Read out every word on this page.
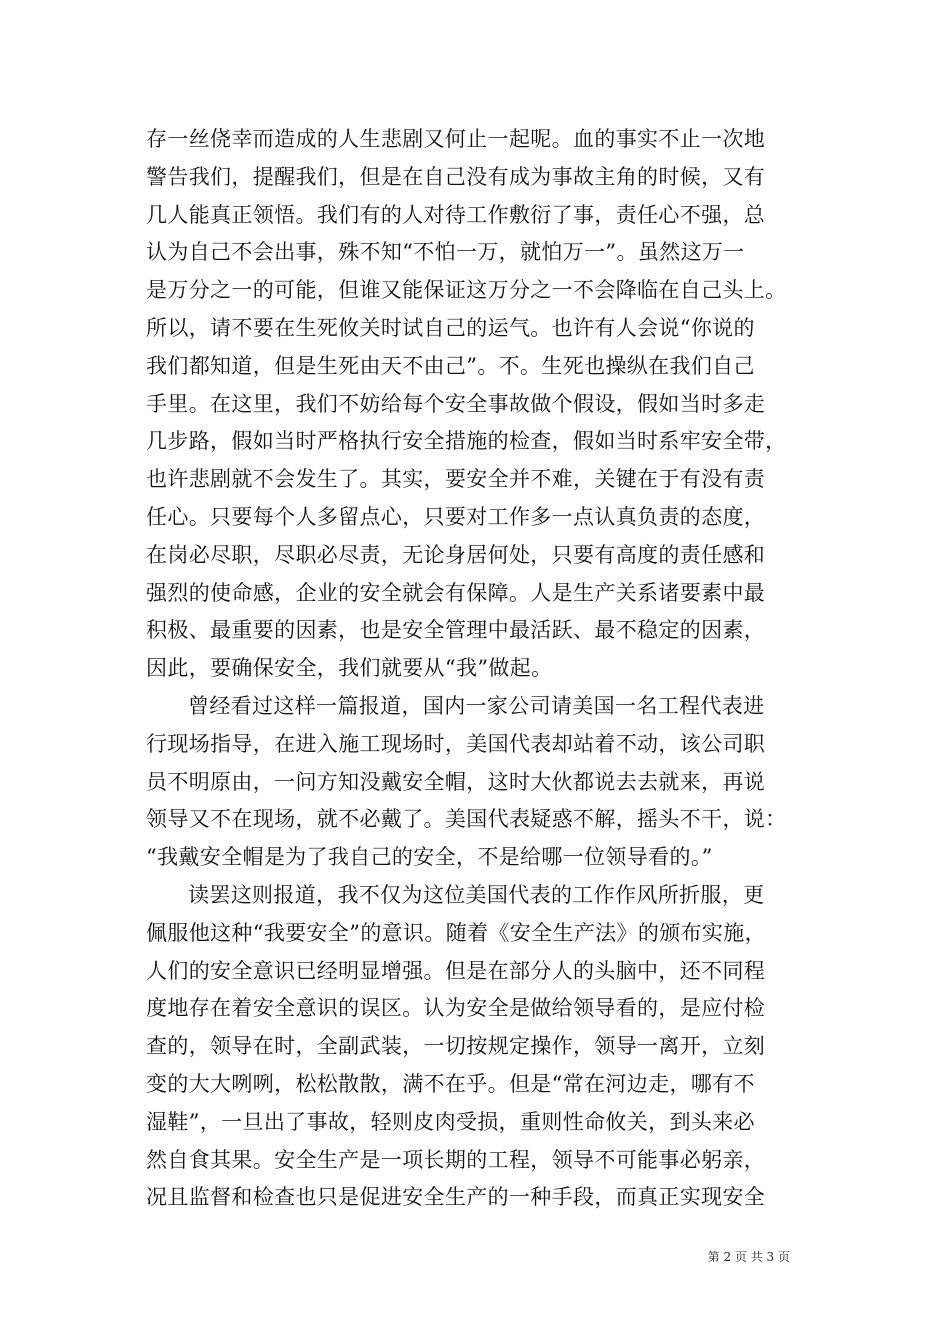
存一丝侥幸而造成的人生悲剧又何止一起呢。血的事实不止一次地
警告我们，提醒我们，但是在自己没有成为事故主角的时候，又有
几人能真正领悟。我们有的人对待工作敷衍了事，责任心不强，总
认为自己不会出事，殊不知“不怕一万，就怕万一”。虽然这万一
是万分之一的可能，但谁又能保证这万分之一不会降临在自己头上。
所以，请不要在生死攸关时试自己的运气。也许有人会说“你说的
我们都知道，但是生死由天不由己”。不。生死也操纵在我们自己
手里。在这里，我们不妨给每个安全事故做个假设，假如当时多走
几步路，假如当时严格执行安全措施的检查，假如当时系牢安全带，
也许悲剧就不会发生了。其实，要安全并不难，关键在于有没有责
任心。只要每个人多留点心，只要对工作多一点认真负责的态度，
在岗必尽职，尽职必尽责，无论身居何处，只要有高度的责任感和
强烈的使命感，企业的安全就会有保障。人是生产关系诸要素中最
积极、最重要的因素，也是安全管理中最活跃、最不稳定的因素，
因此，要确保安全，我们就要从“我”做起。
曾经看过这样一篇报道，国内一家公司请美国一名工程代表进
行现场指导，在进入施工现场时，美国代表却站着不动，该公司职
员不明原由，一问方知没戴安全帽，这时大伙都说去去就来，再说
领导又不在现场，就不必戴了。美国代表疑惑不解，摇头不干，说：
“我戴安全帽是为了我自己的安全，不是给哪一位领导看的。”
读罢这则报道，我不仅为这位美国代表的工作作风所折服，更
佩服他这种“我要安全”的意识。随着《安全生产法》的颁布实施，
人们的安全意识已经明显增强。但是在部分人的头脑中，还不同程
度地存在着安全意识的误区。认为安全是做给领导看的，是应付检
查的，领导在时，全副武装，一切按规定操作，领导一离开，立刻
变的大大咧咧，松松散散，满不在乎。但是“常在河边走，哪有不
湿鞋”，一旦出了事故，轻则皮肉受损，重则性命攸关，到头来必
然自食其果。安全生产是一项长期的工程，领导不可能事必躬亲，
况且监督和检查也只是促进安全生产的一种手段，而真正实现安全
第 2 页 共 3 页
